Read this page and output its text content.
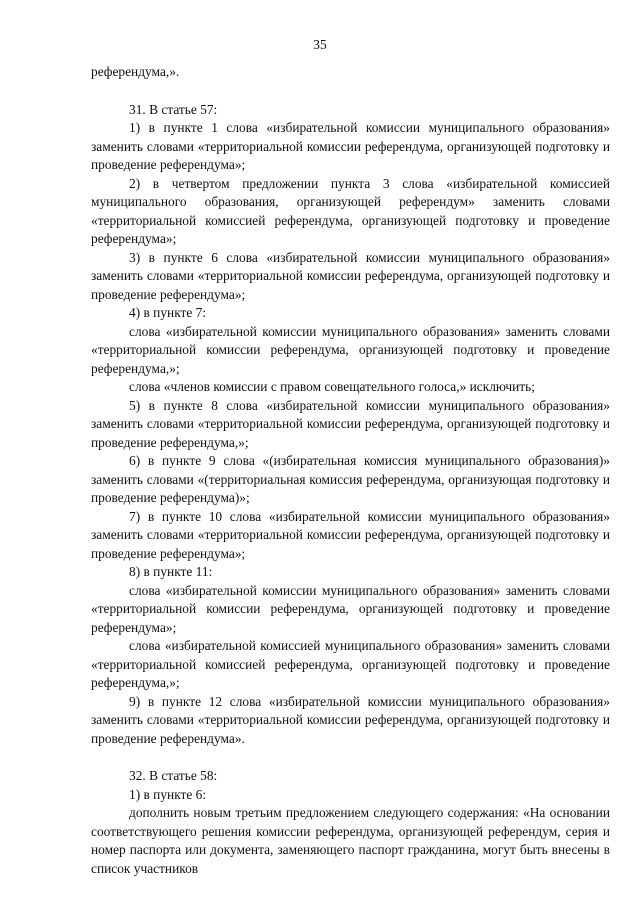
35

референдума,».

31. В статье 57:

1) в пункте 1 слова «избирательной комиссии муниципального образования» заменить словами «территориальной комиссии референдума, организующей подготовку и проведение референдума»;

2) в четвертом предложении пункта 3 слова «избирательной комиссией муниципального образования, организующей референдум» заменить словами «территориальной комиссией референдума, организующей подготовку и проведение референдума»;

3) в пункте 6 слова «избирательной комиссии муниципального образования» заменить словами «территориальной комиссии референдума, организующей подготовку и проведение референдума»;

4) в пункте 7:

слова «избирательной комиссии муниципального образования» заменить словами «территориальной комиссии референдума, организующей подготовку и проведение референдума,»;

слова «членов комиссии с правом совещательного голоса,» исключить;

5) в пункте 8 слова «избирательной комиссии муниципального образования» заменить словами «территориальной комиссии референдума, организующей подготовку и проведение референдума,»;

6) в пункте 9 слова «(избирательная комиссия муниципального образования)» заменить словами «(территориальная комиссия референдума, организующая подготовку и проведение референдума)»;

7) в пункте 10 слова «избирательной комиссии муниципального образования» заменить словами «территориальной комиссии референдума, организующей подготовку и проведение референдума»;

8) в пункте 11:

слова «избирательной комиссии муниципального образования» заменить словами «территориальной комиссии референдума, организующей подготовку и проведение референдума»;

слова «избирательной комиссией муниципального образования» заменить словами «территориальной комиссией референдума, организующей подготовку и проведение референдума,»;

9) в пункте 12 слова «избирательной комиссии муниципального образования» заменить словами «территориальной комиссии референдума, организующей подготовку и проведение референдума».

32. В статье 58:

1) в пункте 6:

дополнить новым третьим предложением следующего содержания: «На основании соответствующего решения комиссии референдума, организующей референдум, серия и номер паспорта или документа, заменяющего паспорт гражданина, могут быть внесены в список участников
